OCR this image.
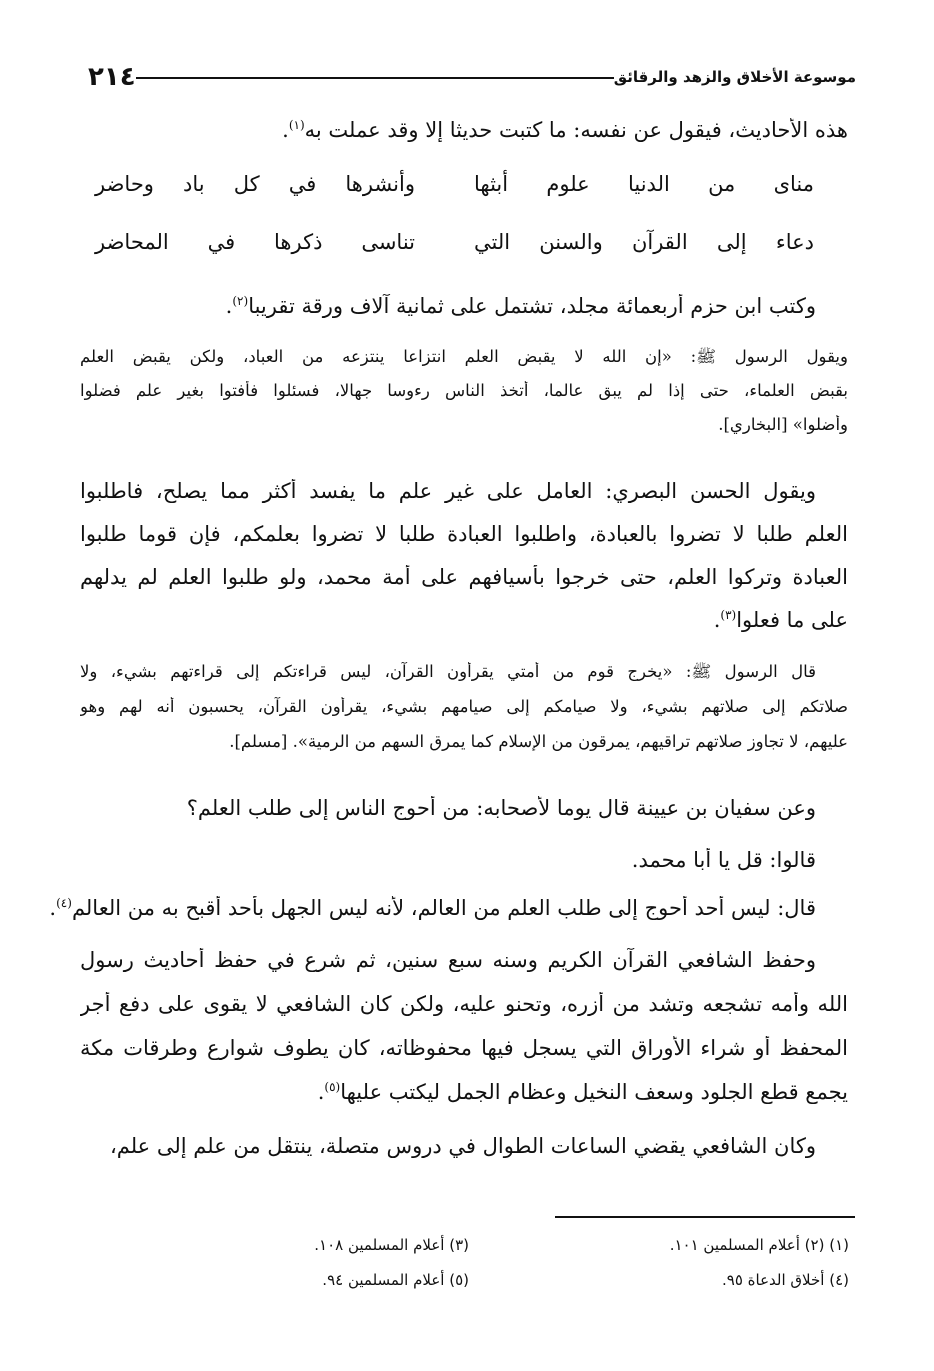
موسوعة الأخلاق والزهد والرقائق
٢١٤
هذه الأحاديث، فيقول عن نفسه: ما كتبت حديثا إلا وقد عملت به$^{(١)}$.
مناى من الدنيا علوم أبثها
وأنشرها في كل باد وحاضر
دعاء إلى القرآن والسنن التي
تناسى ذكرها في المحاضر
وكتب ابن حزم أربعمائة مجلد، تشتمل على ثمانية آلاف ورقة تقريبا$^{(٢)}$.
ويقول الرسول ﷺ: «إن الله لا يقبض العلم انتزاعا ينتزعه من العباد، ولكن يقبض العلم
بقبض العلماء، حتى إذا لم يبق عالما، أتخذ الناس رءوسا جهالا، فسئلوا فأفتوا بغير علم فضلوا
وأضلوا» [البخاري].
ويقول الحسن البصري: العامل على غير علم ما يفسد أكثر مما يصلح، فاطلبوا
العلم طلبا لا تضروا بالعبادة، واطلبوا العبادة طلبا لا تضروا بعلمكم، فإن قوما طلبوا
العبادة وتركوا العلم، حتى خرجوا بأسيافهم على أمة محمد، ولو طلبوا العلم لم يدلهم
على ما فعلوا$^{(٣)}$.
قال الرسول ﷺ: «يخرج قوم من أمتي يقرأون القرآن، ليس قراءتكم إلى قراءتهم بشيء، ولا
صلاتكم إلى صلاتهم بشيء، ولا صيامكم إلى صيامهم بشيء، يقرأون القرآن، يحسبون أنه لهم وهو
عليهم، لا تجاوز صلاتهم تراقيهم، يمرقون من الإسلام كما يمرق السهم من الرمية». [مسلم].
وعن سفيان بن عيينة قال يوما لأصحابه: من أحوج الناس إلى طلب العلم؟
قالوا: قل يا أبا محمد.
قال: ليس أحد أحوج إلى طلب العلم من العالم، لأنه ليس الجهل بأحد أقبح به من العالم$^{(٤)}$.
وحفظ الشافعي القرآن الكريم وسنه سبع سنين، ثم شرع في حفظ أحاديث رسول
الله وأمه تشجعه وتشد من أزره، وتحنو عليه، ولكن كان الشافعي لا يقوى على دفع أجر
المحفظ أو شراء الأوراق التي يسجل فيها محفوظاته، كان يطوف شوارع وطرقات مكة
يجمع قطع الجلود وسعف النخيل وعظام الجمل ليكتب عليها$^{(٥)}$.
وكان الشافعي يقضي الساعات الطوال في دروس متصلة، ينتقل من علم إلى علم،
(١) (٢) أعلام المسلمين ١٠١.
(٣) أعلام المسلمين ١٠٨.
(٤) أخلاق الدعاة ٩٥.
(٥) أعلام المسلمين ٩٤.
